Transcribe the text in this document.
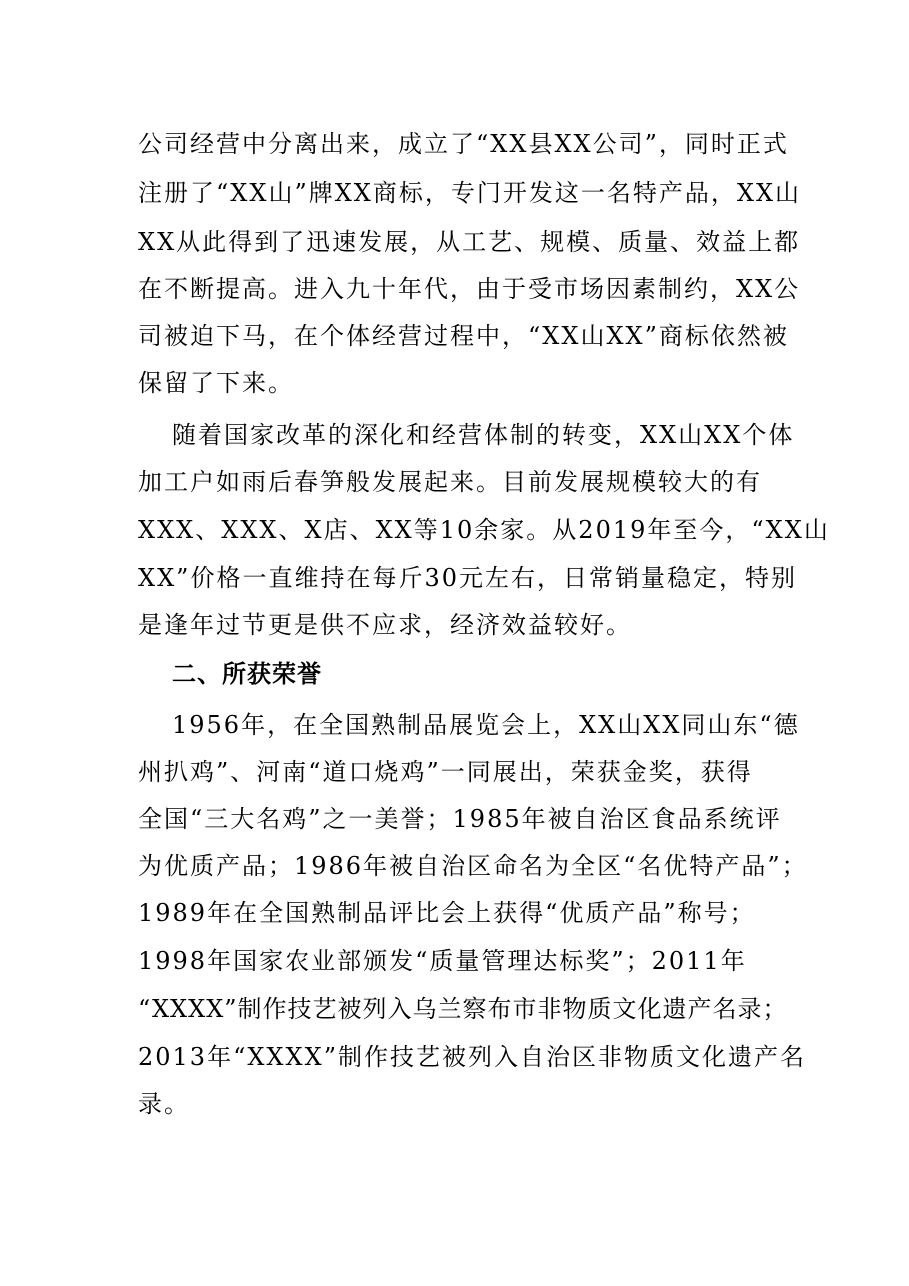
公司经营中分离出来，成立了“XX县XX公司”，同时正式

注册了“XX山”牌XX商标，专门开发这一名特产品，XX山

XX从此得到了迅速发展，从工艺、规模、质量、效益上都

在不断提高。进入九十年代，由于受市场因素制约，XX公

司被迫下马，在个体经营过程中，“XX山XX”商标依然被

保留了下来。

随着国家改革的深化和经营体制的转变，XX山XX个体

加工户如雨后春笋般发展起来。目前发展规模较大的有

XXX、XXX、X店、XX等10余家。从2019年至今，“XX山

XX”价格一直维持在每斤30元左右，日常销量稳定，特别

是逢年过节更是供不应求，经济效益较好。

二、所获荣誉

1956年，在全国熟制品展览会上，XX山XX同山东“德

州扒鸡”、河南“道口烧鸡”一同展出，荣获金奖，获得

全国“三大名鸡”之一美誉；1985年被自治区食品系统评

为优质产品；1986年被自治区命名为全区“名优特产品”；

1989年在全国熟制品评比会上获得“优质产品”称号；

1998年国家农业部颁发“质量管理达标奖”；2011年

“XXXX”制作技艺被列入乌兰察布市非物质文化遗产名录；

2013年“XXXX”制作技艺被列入自治区非物质文化遗产名

录。
